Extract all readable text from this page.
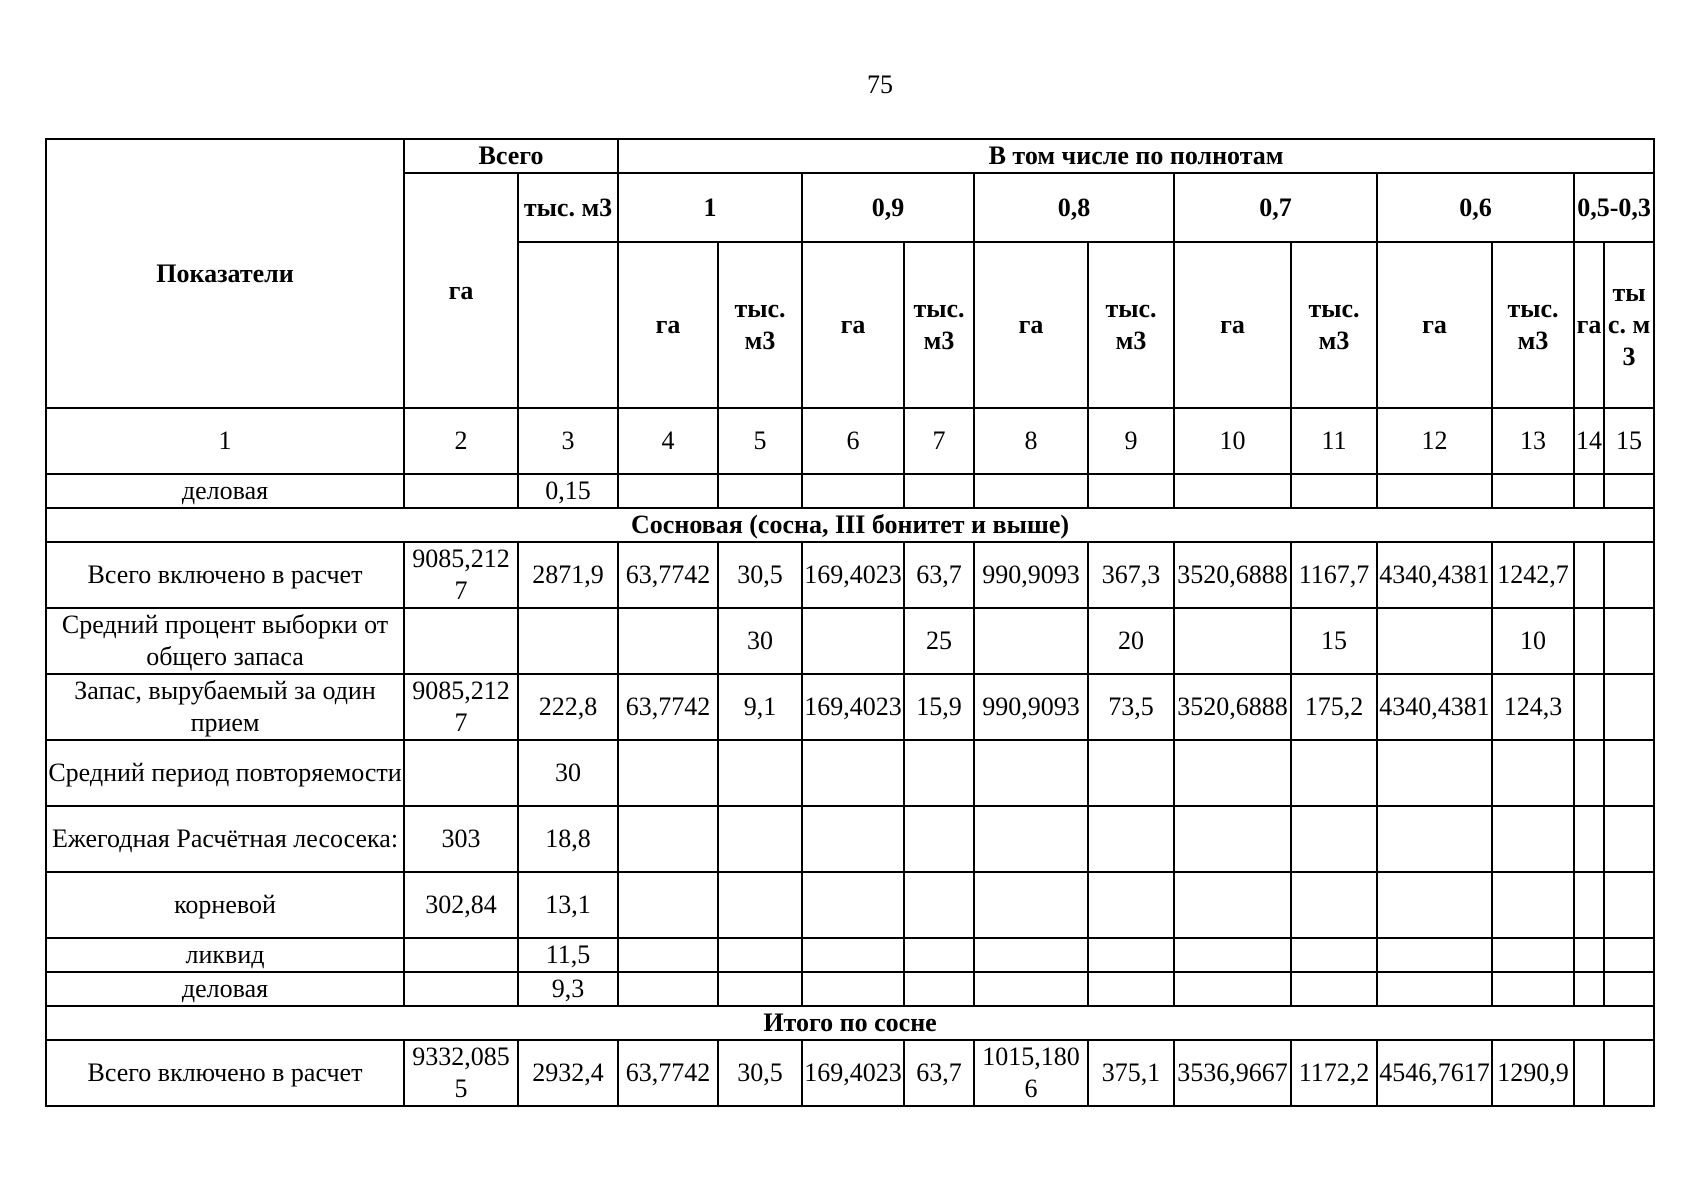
75
Показатели	Всего		В том числе по полнотам											
	га	тыс. м3	1		0,9		0,8		0,7		0,6		0,5-0,3	
			га	тыс. м3	га	тыс. м3	га	тыс. м3	га	тыс. м3	га	тыс. м3	га	тыс. м3
1	2	3	4	5	6	7	8	9	10	11	12	13	14	15
деловая		0,15												
Сосновая (сосна, III бонитет и выше)														
Всего включено в расчет	9085,2127	2871,9	63,7742	30,5	169,4023	63,7	990,9093	367,3	3520,6888	1167,7	4340,4381	1242,7		
Средний процент выборки от общего запаса				30		25		20		15		10		
Запас, вырубаемый за один прием	9085,2127	222,8	63,7742	9,1	169,4023	15,9	990,9093	73,5	3520,6888	175,2	4340,4381	124,3		
Средний период повторяемости		30												
Ежегодная Расчётная лесосека:	303	18,8												
корневой	302,84	13,1												
ликвид		11,5												
деловая		9,3												
Итого по сосне														
Всего включено в расчет	9332,0855	2932,4	63,7742	30,5	169,4023	63,7	1015,1806	375,1	3536,9667	1172,2	4546,7617	1290,9		
